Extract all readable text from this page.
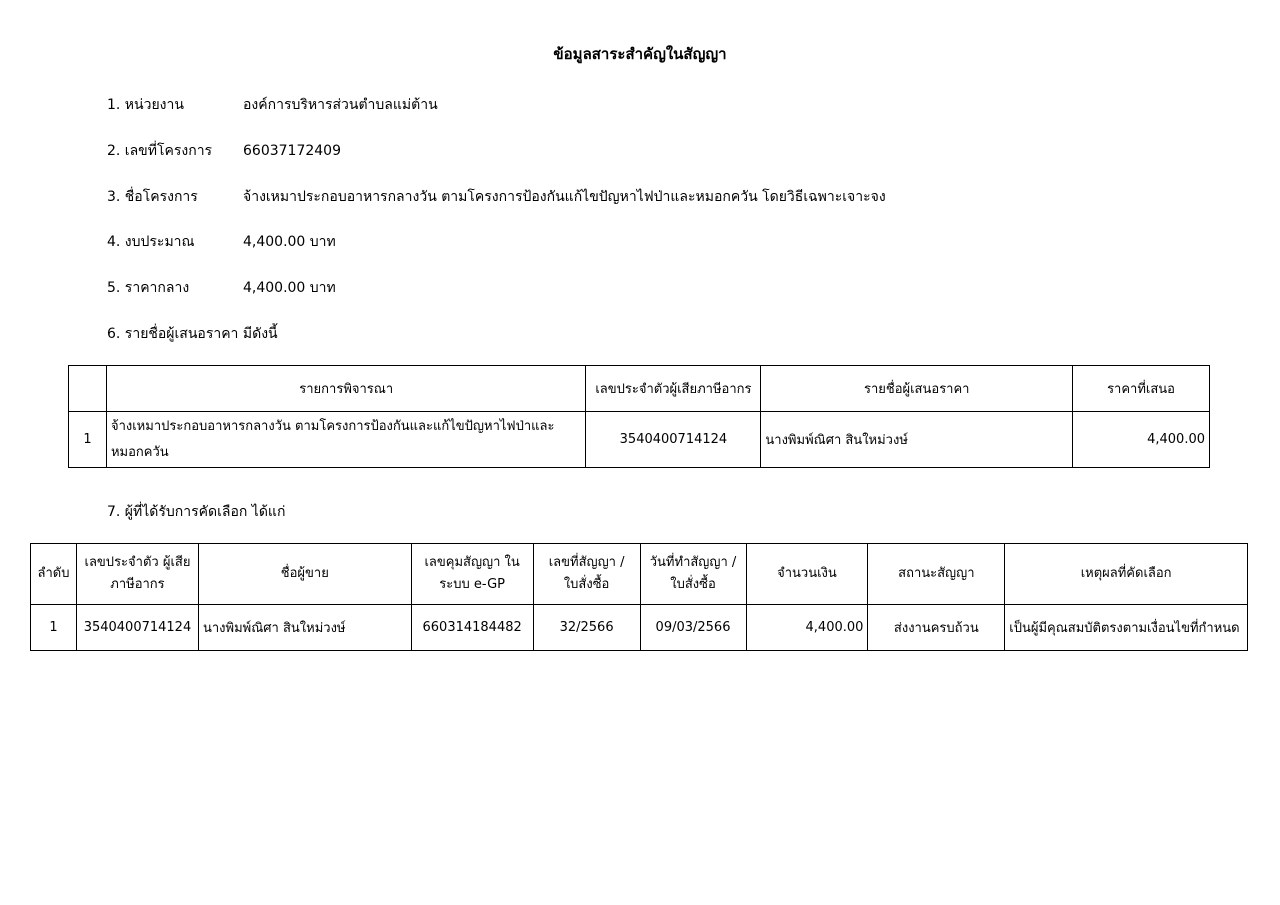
ข้อมูลสาระสำคัญในสัญญา
1. หน่วยงาน	องค์การบริหารส่วนตำบลแม่ต้าน
2. เลขที่โครงการ 66037172409
3. ชื่อโครงการ	จ้างเหมาประกอบอาหารกลางวัน ตามโครงการป้องกันแก้ไขปัญหาไฟป่าและหมอกควัน โดยวิธีเฉพาะเจาะจง
4. งบประมาณ	4,400.00 บาท
5. ราคากลาง	4,400.00 บาท
6. รายชื่อผู้เสนอราคา มีดังนี้
	รายการพิจารณา	เลขประจำตัวผู้เสียภาษีอากร	รายชื่อผู้เสนอราคา	ราคาที่เสนอ
1	จ้างเหมาประกอบอาหารกลางวัน ตามโครงการป้องกันและแก้ไขปัญหาไฟป่าและหมอกควัน	3540400714124	นางพิมพ์ณิศา สินใหม่วงษ์	4,400.00
7. ผู้ที่ได้รับการคัดเลือก ได้แก่
ลำดับ	เลขประจำตัว ผู้เสียภาษีอากร	ชื่อผู้ขาย	เลขคุมสัญญา ในระบบ e-GP	เลขที่สัญญา / ใบสั่งซื้อ	วันที่ทำสัญญา / ใบสั่งซื้อ	จำนวนเงิน	สถานะสัญญา	เหตุผลที่คัดเลือก
1	3540400714124	นางพิมพ์ณิศา สินใหม่วงษ์	660314184482	32/2566	09/03/2566	4,400.00	ส่งงานครบถ้วน	เป็นผู้มีคุณสมบัติตรงตามเงื่อนไขที่กำหนด
